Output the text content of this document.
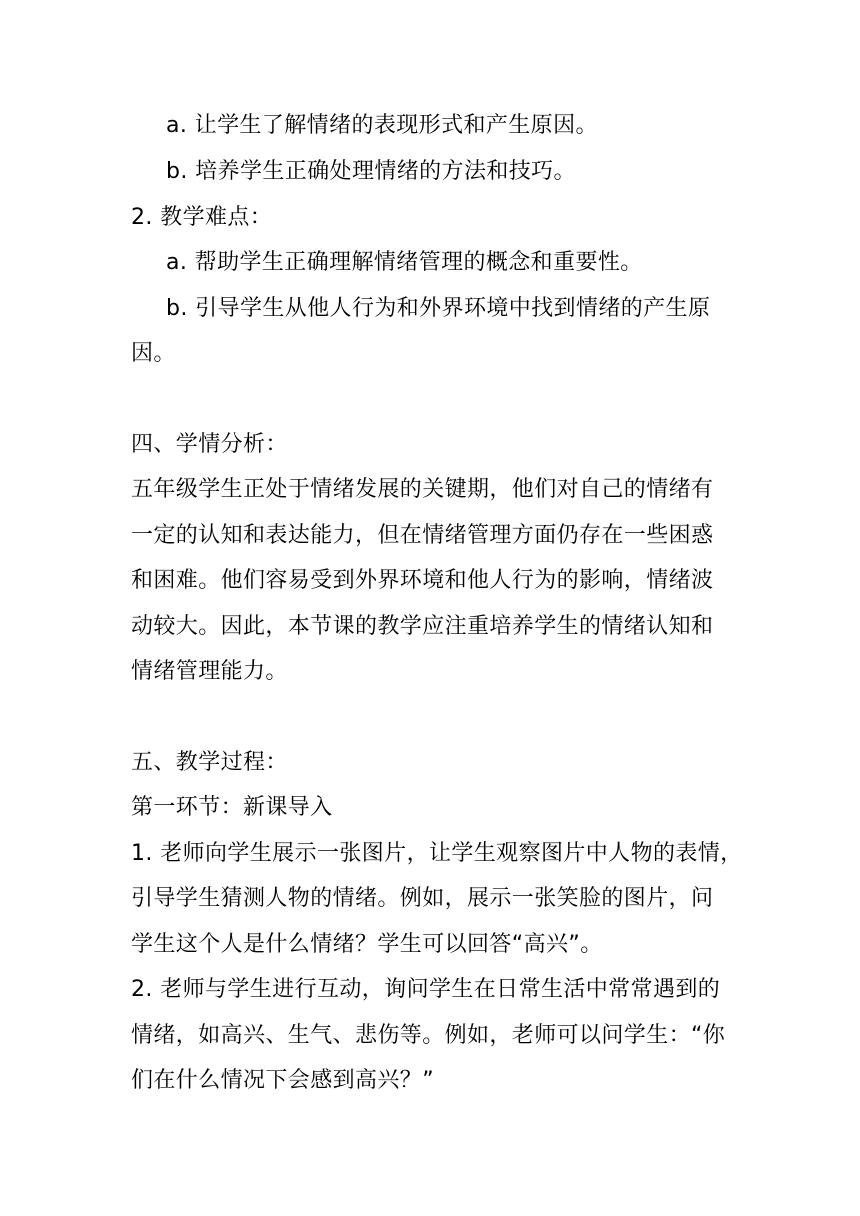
a. 让学生了解情绪的表现形式和产生原因。
b. 培养学生正确处理情绪的方法和技巧。
2. 教学难点：
a. 帮助学生正确理解情绪管理的概念和重要性。
b. 引导学生从他人行为和外界环境中找到情绪的产生原
因。
四、学情分析：
五年级学生正处于情绪发展的关键期，他们对自己的情绪有
一定的认知和表达能力，但在情绪管理方面仍存在一些困惑
和困难。他们容易受到外界环境和他人行为的影响，情绪波
动较大。因此，本节课的教学应注重培养学生的情绪认知和
情绪管理能力。
五、教学过程：
第一环节：新课导入
1. 老师向学生展示一张图片，让学生观察图片中人物的表情，
引导学生猜测人物的情绪。例如，展示一张笑脸的图片，问
学生这个人是什么情绪？学生可以回答“高兴”。
2. 老师与学生进行互动，询问学生在日常生活中常常遇到的
情绪，如高兴、生气、悲伤等。例如，老师可以问学生：“你
们在什么情况下会感到高兴？”
